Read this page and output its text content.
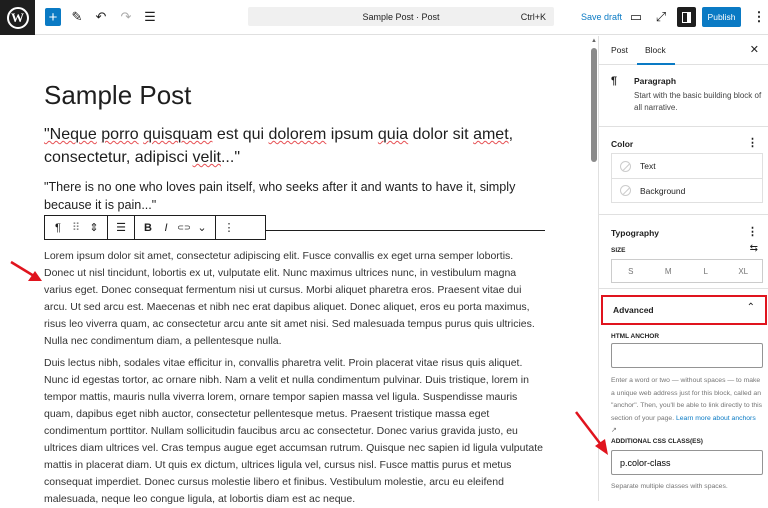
W	+ ✎ ↶ ↷ ☰	Sample Post · Post	Ctrl+K	Save draft ▭ ⤢	Publish	⋮
Sample Post
"Neque porro quisquam est qui dolorem ipsum quia dolor sit amet, consectetur, adipisci velit..."

"There is no one who loves pain itself, who seeks after it and wants to have it, simply because it is pain..."

¶	⠿ ⇕	☰	B	I	⊂⊃ ⌄	⋮

Lorem ipsum dolor sit amet, consectetur adipiscing elit. Fusce convallis ex eget urna semper lobortis. Donec ut nisl tincidunt, lobortis ex ut, vulputate elit. Nunc maximus ultrices nunc, in vestibulum magna varius eget. Donec consequat fermentum nisi ut cursus. Morbi aliquet pharetra eros. Praesent vitae dui arcu. Ut sed arcu est. Maecenas et nibh nec erat dapibus aliquet. Donec aliquet, eros eu porta maximus, risus leo viverra quam, ac consectetur arcu ante sit amet nisi. Sed malesuada tempus purus quis ultricies. Nulla nec condimentum diam, a pellentesque nulla.

Duis lectus nibh, sodales vitae efficitur in, convallis pharetra velit. Proin placerat vitae risus quis aliquet. Nunc id egestas tortor, ac ornare nibh. Nam a velit et nulla condimentum pulvinar. Duis tristique, lorem in tempor mattis, mauris nulla viverra lorem, ornare tempor sapien massa vel ligula. Suspendisse mauris quam, dapibus eget nibh auctor, consectetur pellentesque metus. Praesent tristique massa eget condimentum porttitor. Nullam sollicitudin faucibus arcu ac consectetur. Donec varius gravida justo, eu ultrices diam ultrices vel. Cras tempus augue eget accumsan rutrum. Quisque nec sapien id ligula vulputate mattis in placerat diam. Ut quis ex dictum, ultrices ligula vel, cursus nisl. Fusce mattis purus et metus consequat imperdiet. Donec cursus molestie libero et finibus. Vestibulum molestie, arcu eu eleifend malesuada, neque leo congue ligula, at lobortis diam est ac neque.

▲
Post Block	✕
¶ Paragraph
Start with the basic building block of all narrative.
Color	⋮
Text
Background
Typography	⋮
SIZE	⇆
S	M	L	XL
Advanced	⌃
HTML ANCHOR
Enter a word or two — without spaces — to make a unique web address just for this block, called an "anchor". Then, you'll be able to link directly to this section of your page. Learn more about anchors ↗
ADDITIONAL CSS CLASS(ES)
p.color-class
Separate multiple classes with spaces.
